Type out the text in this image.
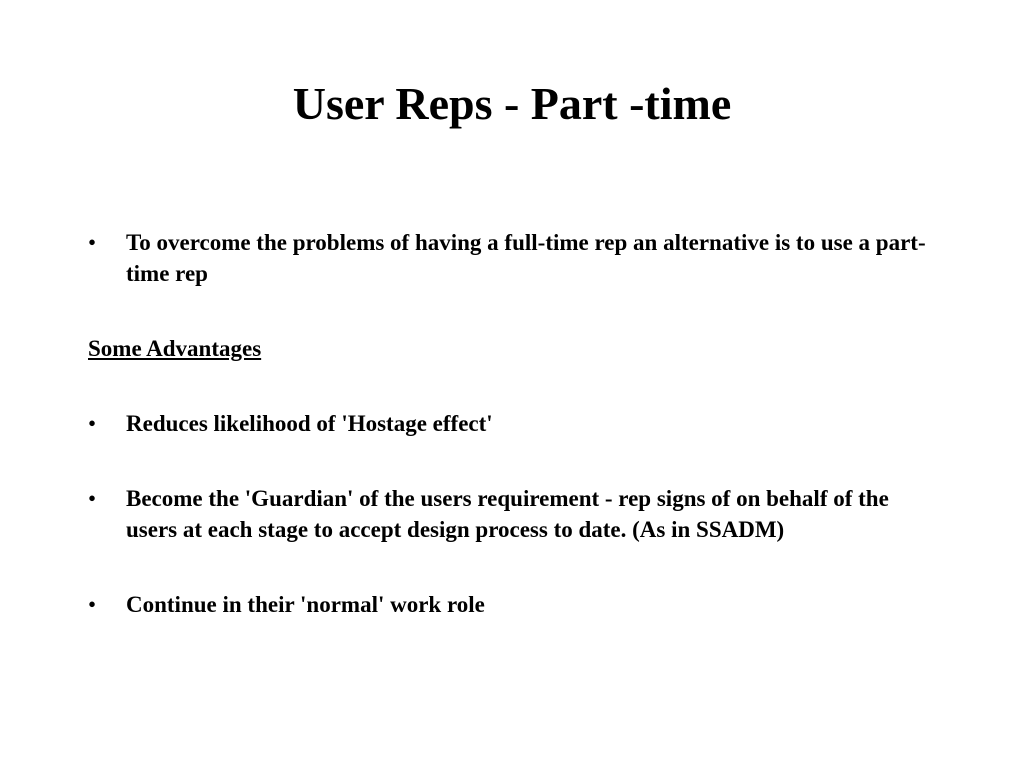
User Reps - Part -time

•	To overcome the problems of having a full-time rep an alternative is to use a part-time rep

Some Advantages

•	Reduces likelihood of 'Hostage effect'

•	Become the 'Guardian' of the users requirement - rep signs of on behalf of the users at each stage to accept design process to date. (As in SSADM)

•	Continue in their 'normal' work role
